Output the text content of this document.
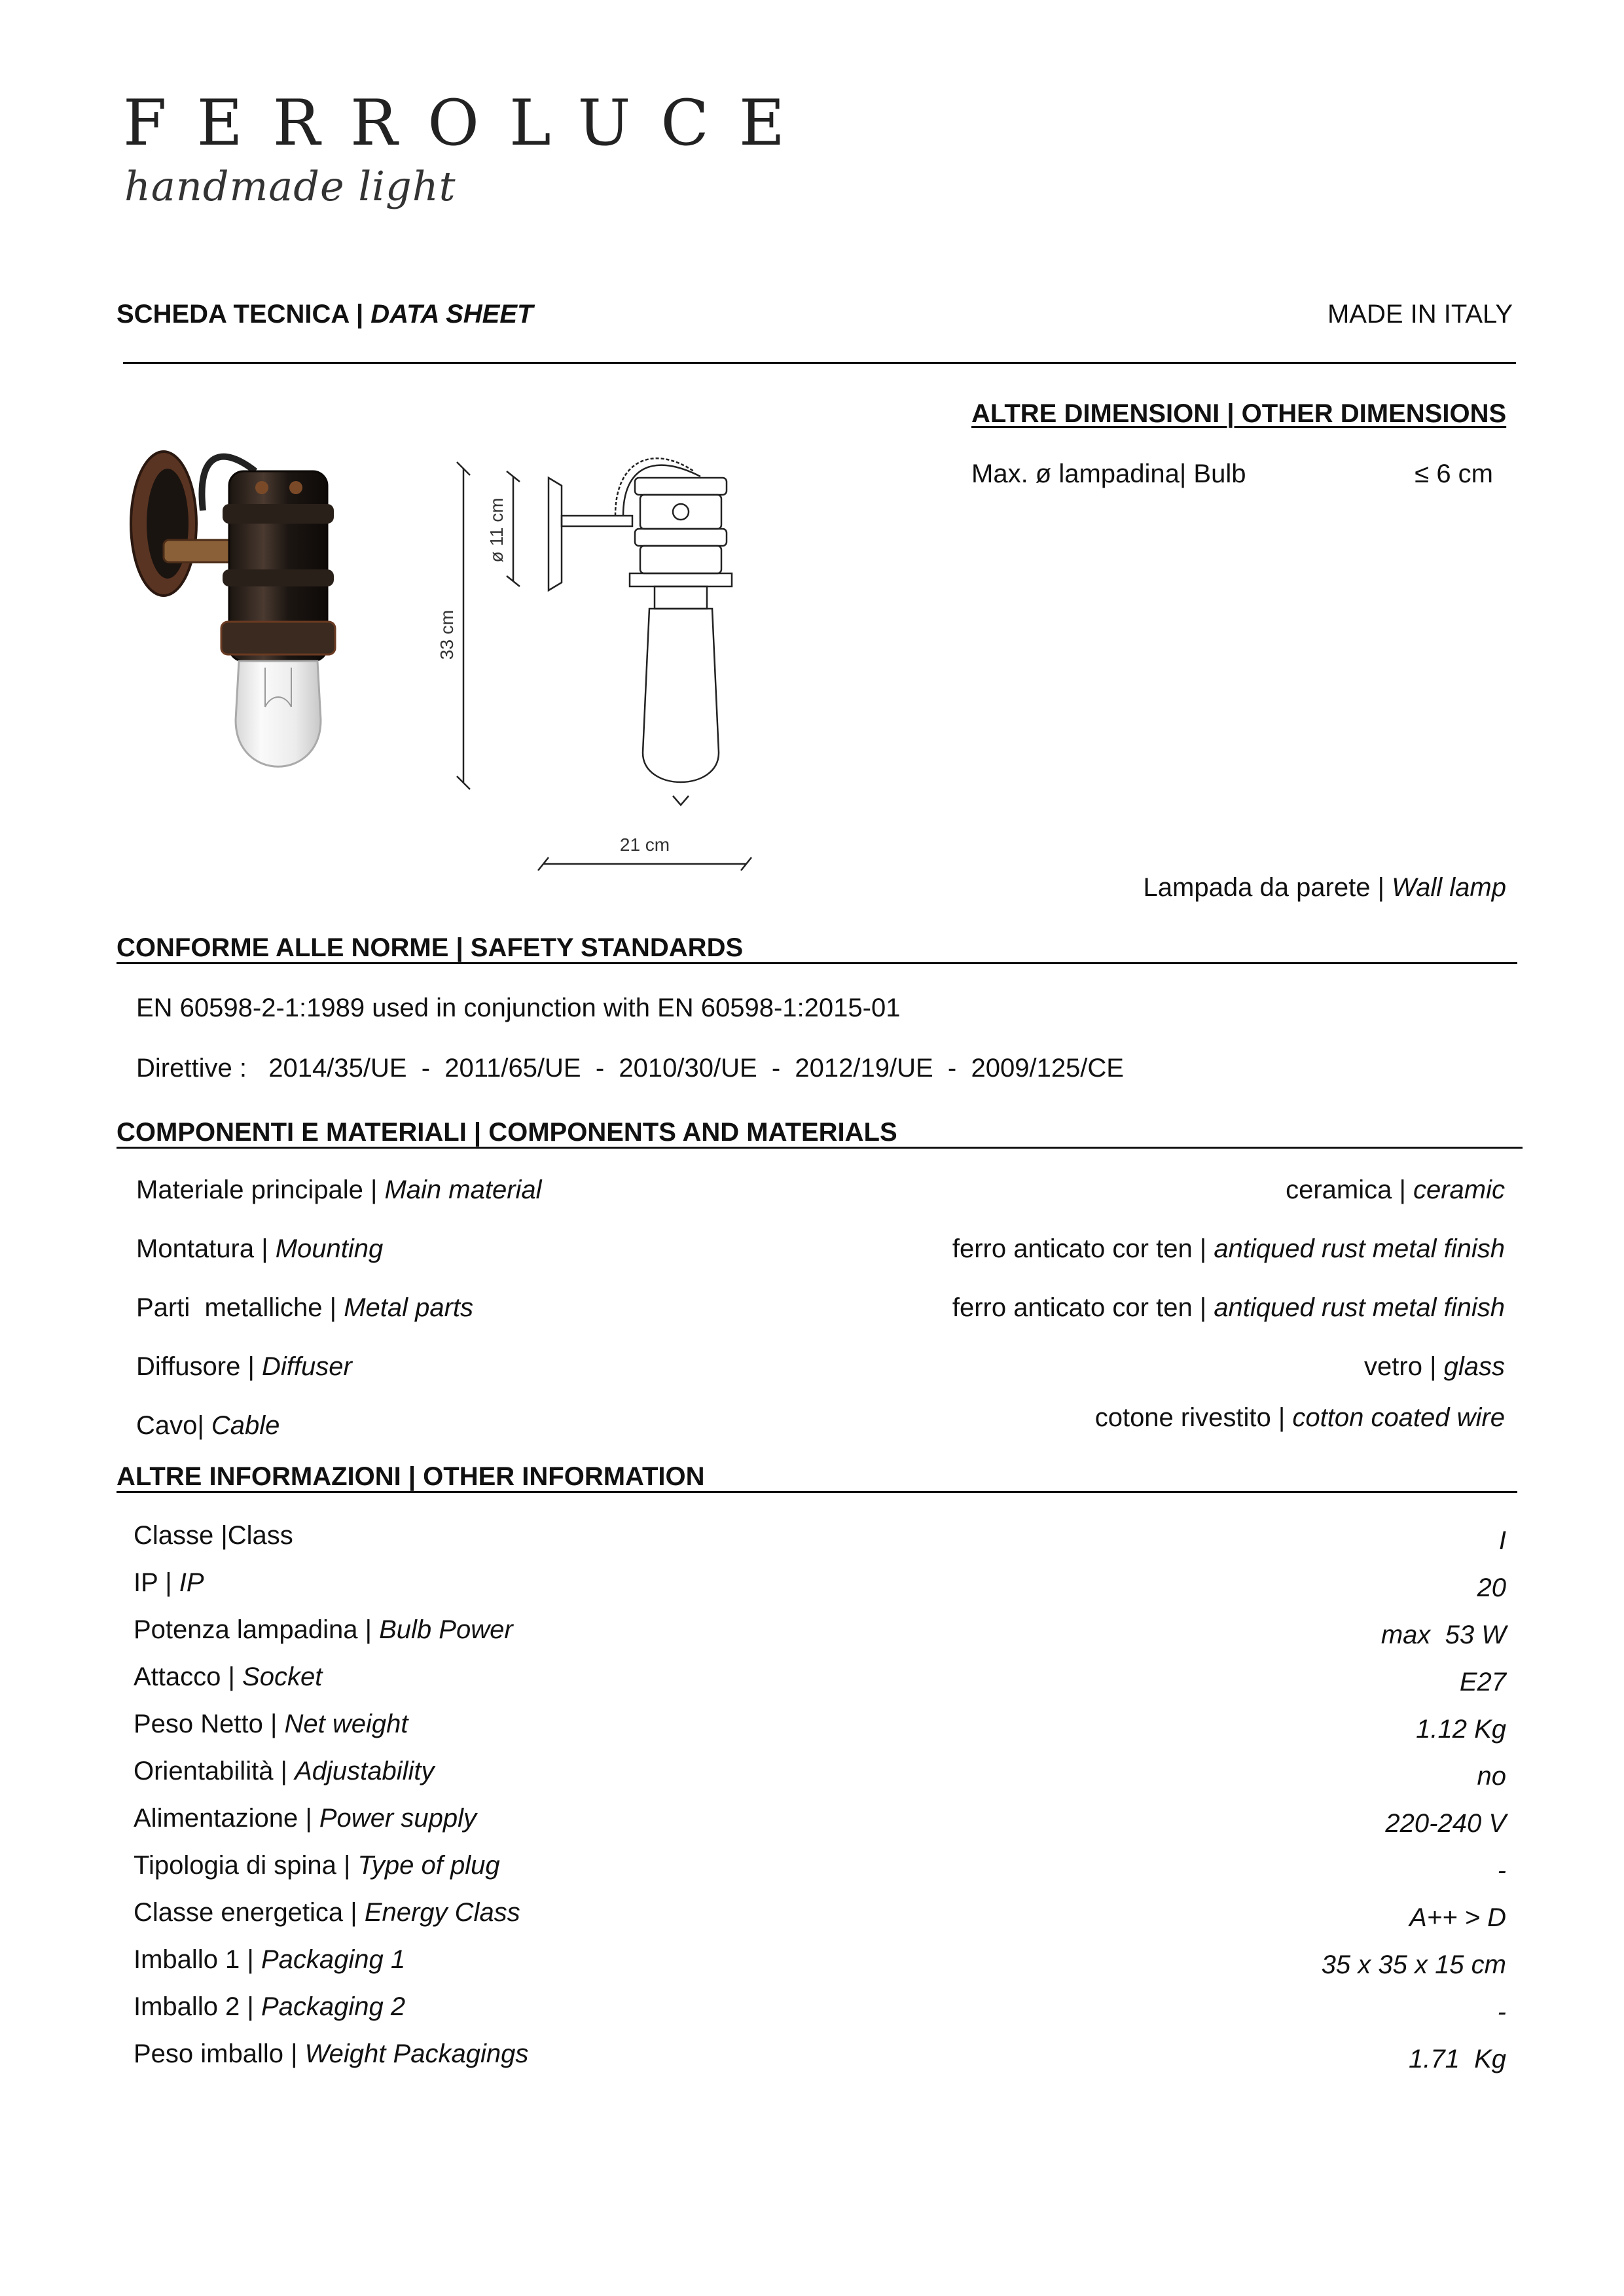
FERROLUCE
handmade light
SCHEDA TECNICA | DATA SHEET	MADE IN ITALY
ALTRE DIMENSIONI | OTHER DIMENSIONS
Max. ø lampadina| Bulb	≤ 6 cm
33 cm
ø 11 cm
21 cm
Lampada da parete | Wall lamp
CONFORME ALLE NORME | SAFETY STANDARDS
EN 60598-2-1:1989 used in conjunction with EN 60598-1:2015-01
Direttive :   2014/35/UE  -  2011/65/UE  -  2010/30/UE  -  2012/19/UE  -  2009/125/CE
COMPONENTI E MATERIALI | COMPONENTS AND MATERIALS
Materiale principale | Main material	ceramica | ceramic
Montatura | Mounting	ferro anticato cor ten | antiqued rust metal finish
Parti  metalliche | Metal parts	ferro anticato cor ten | antiqued rust metal finish
Diffusore | Diffuser	vetro | glass
Cavo| Cable	cotone rivestito | cotton coated wire
ALTRE INFORMAZIONI | OTHER INFORMATION
Classe |Class	I
IP | IP	20
Potenza lampadina | Bulb Power	max  53 W
Attacco | Socket	E27
Peso Netto | Net weight	1.12 Kg
Orientabilità | Adjustability	no
Alimentazione | Power supply	220-240 V
Tipologia di spina | Type of plug	-
Classe energetica | Energy Class	A++ > D
Imballo 1 | Packaging 1	35 x 35 x 15 cm
Imballo 2 | Packaging 2	-
Peso imballo | Weight Packagings	1.71  Kg
